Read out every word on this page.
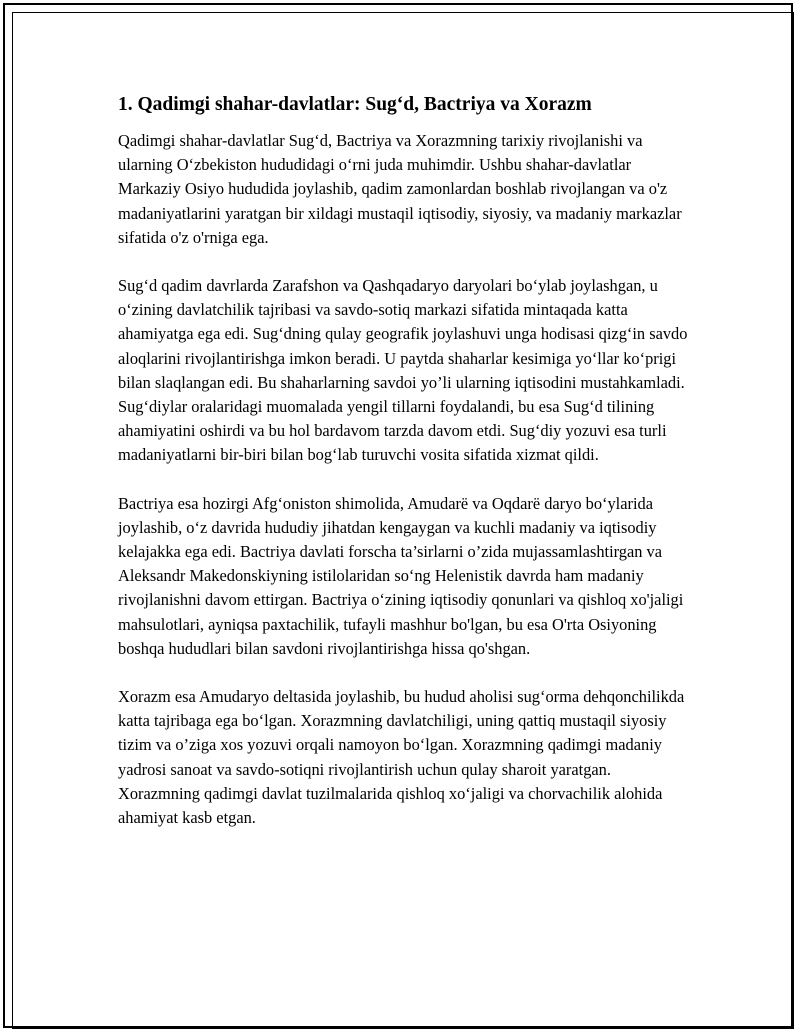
1. Qadimgi shahar-davlatlar: Sug‘d, Bactriya va Xorazm

Qadimgi shahar-davlatlar Sug‘d, Bactriya va Xorazmning tarixiy rivojlanishi va ularning O‘zbekiston hududidagi o‘rni juda muhimdir. Ushbu shahar-davlatlar Markaziy Osiyo hududida joylashib, qadim zamonlardan boshlab rivojlangan va o'z madaniyatlarini yaratgan bir xildagi mustaqil iqtisodiy, siyosiy, va madaniy markazlar sifatida o'z o'rniga ega.

Sug‘d qadim davrlarda Zarafshon va Qashqadaryo daryolari bo‘ylab joylashgan, u o‘zining davlatchilik tajribasi va savdo-sotiq markazi sifatida mintaqada katta ahamiyatga ega edi. Sug‘dning qulay geografik joylashuvi unga hodisasi qizg‘in savdo aloqlarini rivojlantirishga imkon beradi. U paytda shaharlar kesimiga yo‘llar ko‘prigi bilan slaqlangan edi. Bu shaharlarning savdoi yo’li ularning iqtisodini mustahkamladi. Sug‘diylar oralaridagi muomalada yengil tillarni foydalandi, bu esa Sug‘d tilining ahamiyatini oshirdi va bu hol bardavom tarzda davom etdi. Sug‘diy yozuvi esa turli madaniyatlarni bir-biri bilan bog‘lab turuvchi vosita sifatida xizmat qildi.

Bactriya esa hozirgi Afg‘oniston shimolida, Amudarë va Oqdarë daryo bo‘ylarida joylashib, o‘z davrida hududiy jihatdan kengaygan va kuchli madaniy va iqtisodiy kelajakka ega edi. Bactriya davlati forscha ta’sirlarni o’zida mujassamlashtirgan va Aleksandr Makedonskiyning istilolaridan so‘ng Helenistik davrda ham madaniy rivojlanishni davom ettirgan. Bactriya o‘zining iqtisodiy qonunlari va qishloq xo'jaligi mahsulotlari, ayniqsa paxtachilik, tufayli mashhur bo'lgan, bu esa O'rta Osiyoning boshqa hududlari bilan savdoni rivojlantirishga hissa qo'shgan.

Xorazm esa Amudaryo deltasida joylashib, bu hudud aholisi sug‘orma dehqonchilikda katta tajribaga ega bo‘lgan. Xorazmning davlatchiligi, uning qattiq mustaqil siyosiy tizim va o’ziga xos yozuvi orqali namoyon bo‘lgan. Xorazmning qadimgi madaniy yadrosi sanoat va savdo-sotiqni rivojlantirish uchun qulay sharoit yaratgan. Xorazmning qadimgi davlat tuzilmalarida qishloq xo‘jaligi va chorvachilik alohida ahamiyat kasb etgan.
